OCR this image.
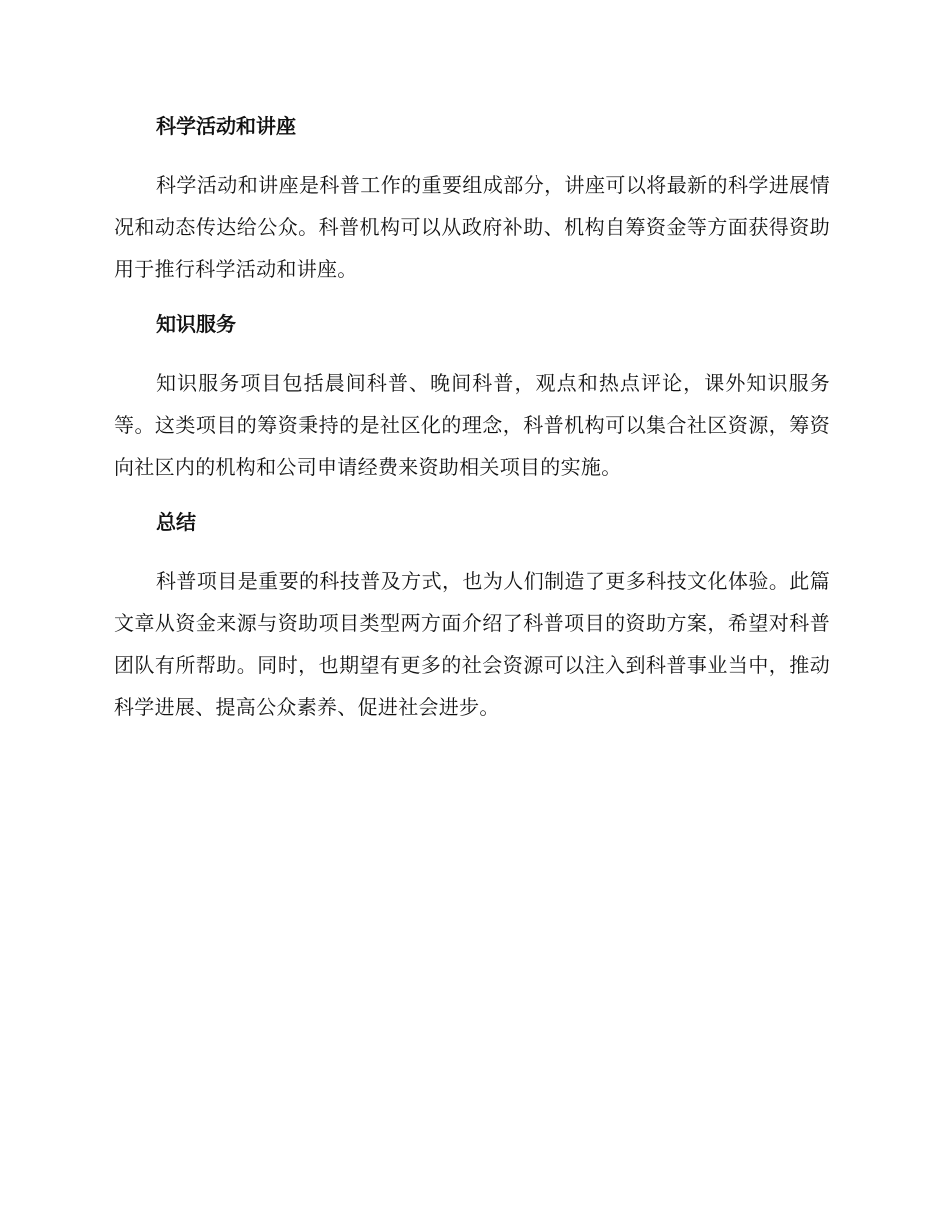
科学活动和讲座

科学活动和讲座是科普工作的重要组成部分，讲座可以将最新的科学进展情况和动态传达给公众。科普机构可以从政府补助、机构自筹资金等方面获得资助用于推行科学活动和讲座。

知识服务

知识服务项目包括晨间科普、晚间科普，观点和热点评论，课外知识服务等。这类项目的筹资秉持的是社区化的理念，科普机构可以集合社区资源，筹资向社区内的机构和公司申请经费来资助相关项目的实施。

总结

科普项目是重要的科技普及方式，也为人们制造了更多科技文化体验。此篇文章从资金来源与资助项目类型两方面介绍了科普项目的资助方案，希望对科普团队有所帮助。同时，也期望有更多的社会资源可以注入到科普事业当中，推动科学进展、提高公众素养、促进社会进步。
